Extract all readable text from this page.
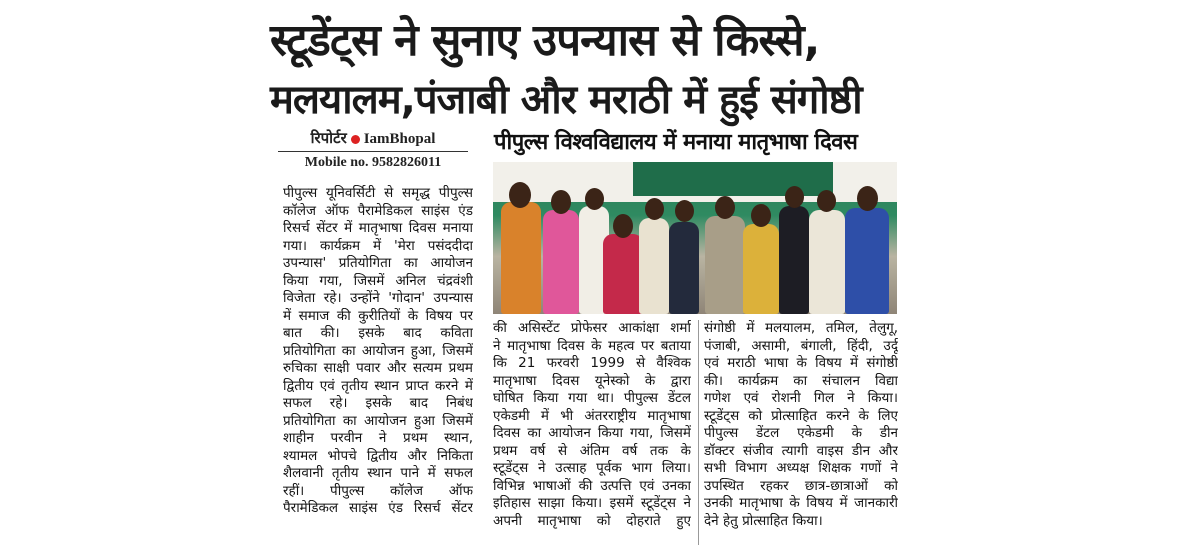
स्टूडेंट्स ने सुनाए उपन्यास से किस्से,
मलयालम,पंजाबी और मराठी में हुई संगोष्ठी
रिपोर्टर IamBhopal
Mobile no. 9582826011
पीपुल्स विश्वविद्यालय में मनाया मातृभाषा दिवस
पीपुल्स यूनिवर्सिटी से समृद्ध पीपुल्स
कॉलेज ऑफ पैरामेडिकल साइंस एंड
रिसर्च सेंटर में मातृभाषा दिवस मनाया
गया। कार्यक्रम में 'मेरा पसंददीदा
उपन्यास' प्रतियोगिता का आयोजन
किया गया, जिसमें अनिल चंद्रवंशी
विजेता रहे। उन्होंने 'गोदान' उपन्यास
में समाज की कुरीतियों के विषय पर
बात की। इसके बाद कविता
प्रतियोगिता का आयोजन हुआ, जिसमें
रुचिका साक्षी पवार और सत्यम प्रथम
द्वितीय एवं तृतीय स्थान प्राप्त करने में
सफल रहे। इसके बाद निबंध
प्रतियोगिता का आयोजन हुआ जिसमें
शाहीन परवीन ने प्रथम स्थान,
श्यामल भोपचे द्वितीय और निकिता
शैलवानी तृतीय स्थान पाने में सफल
रहीं। पीपुल्स कॉलेज ऑफ
पैरामेडिकल साइंस एंड रिसर्च सेंटर
की असिस्टेंट प्रोफेसर आकांक्षा शर्मा
ने मातृभाषा दिवस के महत्व पर बताया
कि 21 फरवरी 1999 से वैश्विक
मातृभाषा दिवस यूनेस्को के द्वारा
घोषित किया गया था। पीपुल्स डेंटल
एकेडमी में भी अंतरराष्ट्रीय मातृभाषा
दिवस का आयोजन किया गया, जिसमें
प्रथम वर्ष से अंतिम वर्ष तक के
स्टूडेंट्स ने उत्साह पूर्वक भाग लिया।
विभिन्न भाषाओं की उत्पत्ति एवं उनका
इतिहास साझा किया। इसमें स्टूडेंट्स ने
अपनी मातृभाषा को दोहराते हुए
संगोष्ठी में मलयालम, तमिल, तेलुगू,
पंजाबी, असामी, बंगाली, हिंदी, उर्दू
एवं मराठी भाषा के विषय में संगोष्ठी
की। कार्यक्रम का संचालन विद्या
गणेश एवं रोशनी गिल ने किया।
स्टूडेंट्स को प्रोत्साहित करने के लिए
पीपुल्स डेंटल एकेडमी के डीन
डॉक्टर संजीव त्यागी वाइस डीन और
सभी विभाग अध्यक्ष शिक्षक गणों ने
उपस्थित रहकर छात्र-छात्राओं को
उनकी मातृभाषा के विषय में जानकारी
देने हेतु प्रोत्साहित किया।
